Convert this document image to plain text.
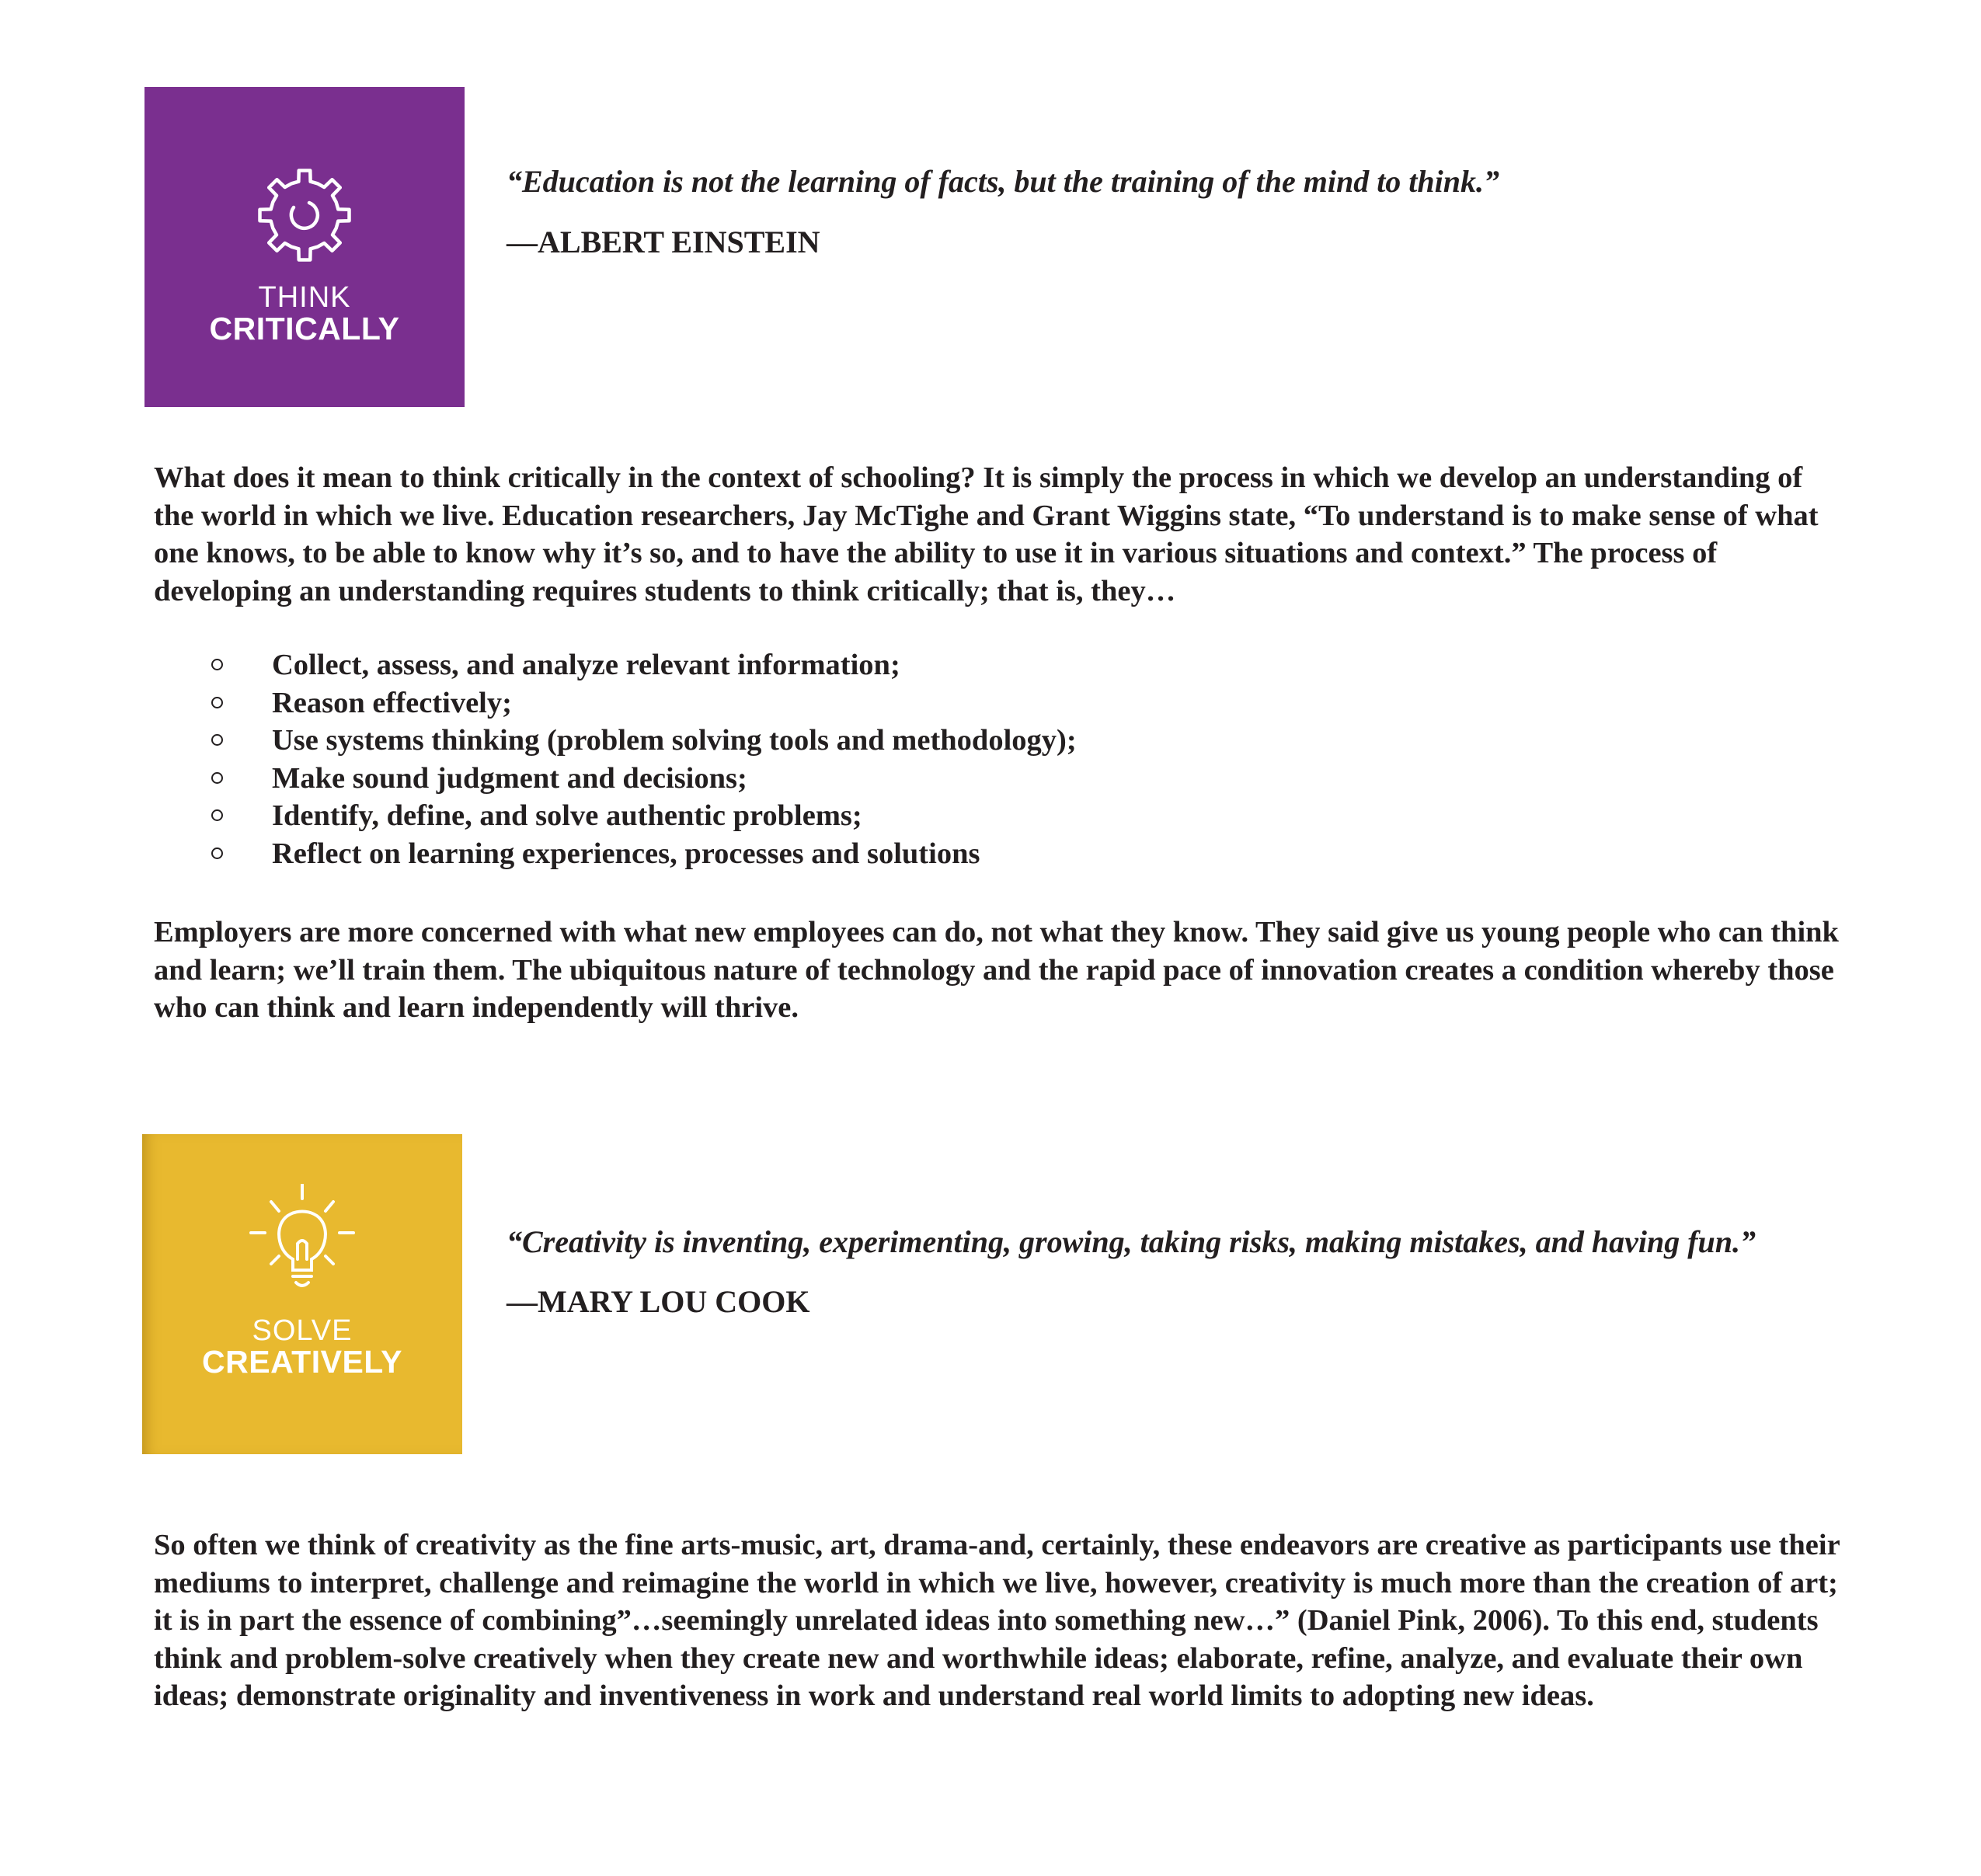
THINK
CRITICALLY
“Education is not the learning of facts, but the training of the mind to think.”
—ALBERT EINSTEIN

What does it mean to think critically in the context of schooling? It is simply the process in which we develop an understanding of the world in which we live. Education researchers, Jay McTighe and Grant Wiggins state, “To understand is to make sense of what one knows, to be able to know why it’s so, and to have the ability to use it in various situations and context.” The process of developing an understanding requires students to think critically; that is, they…

Collect, assess, and analyze relevant information;
Reason effectively;
Use systems thinking (problem solving tools and methodology);
Make sound judgment and decisions;
Identify, define, and solve authentic problems;
Reflect on learning experiences, processes and solutions

Employers are more concerned with what new employees can do, not what they know. They said give us young people who can think and learn; we’ll train them. The ubiquitous nature of technology and the rapid pace of innovation creates a condition whereby those who can think and learn independently will thrive.

SOLVE
CREATIVELY
“Creativity is inventing, experimenting, growing, taking risks, making mistakes, and having fun.”
—MARY LOU COOK

So often we think of creativity as the fine arts-music, art, drama-and, certainly, these endeavors are creative as participants use their mediums to interpret, challenge and reimagine the world in which we live, however, creativity is much more than the creation of art; it is in part the essence of combining”…seemingly unrelated ideas into something new…” (Daniel Pink, 2006). To this end, students think and problem-solve creatively when they create new and worthwhile ideas; elaborate, refine, analyze, and evaluate their own ideas; demonstrate originality and inventiveness in work and understand real world limits to adopting new ideas.
